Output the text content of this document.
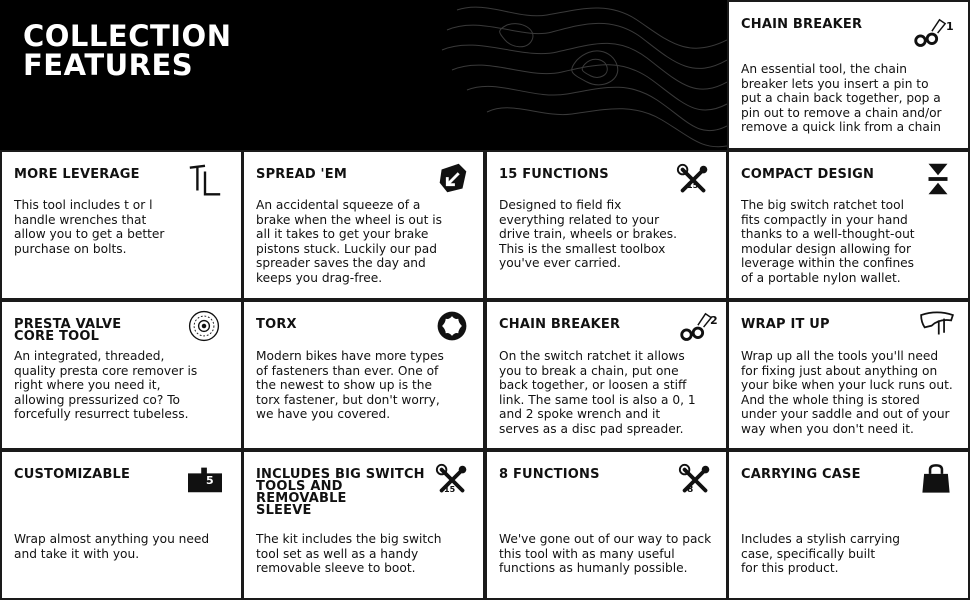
COLLECTION
FEATURES
CHAIN BREAKER	1
An essential tool, the chain
breaker lets you insert a pin to
put a chain back together, pop a
pin out to remove a chain and/or
remove a quick link from a chain
MORE LEVERAGE
This tool includes t or l
handle wrenches that
allow you to get a better
purchase on bolts.
SPREAD 'EM
An accidental squeeze of a
brake when the wheel is out is
all it takes to get your brake
pistons stuck. Luckily our pad
spreader saves the day and
keeps you drag-free.
15 FUNCTIONS
15
Designed to field fix
everything related to your
drive train, wheels or brakes.
This is the smallest toolbox
you've ever carried.
COMPACT DESIGN
The big switch ratchet tool
fits compactly in your hand
thanks to a well-thought-out
modular design allowing for
leverage within the confines
of a portable nylon wallet.
PRESTA VALVE
CORE TOOL
An integrated, threaded,
quality presta core remover is
right where you need it,
allowing pressurized co? To
forcefully resurrect tubeless.
TORX
Modern bikes have more types
of fasteners than ever. One of
the newest to show up is the
torx fastener, but don't worry,
we have you covered.
CHAIN BREAKER	2
On the switch ratchet it allows
you to break a chain, put one
back together, or loosen a stiff
link. The same tool is also a 0, 1
and 2 spoke wrench and it
serves as a disc pad spreader.
WRAP IT UP
Wrap up all the tools you'll need
for fixing just about anything on
your bike when your luck runs out.
And the whole thing is stored
under your saddle and out of your
way when you don't need it.
CUSTOMIZABLE	5
Wrap almost anything you need
and take it with you.
INCLUDES BIG SWITCH
TOOLS AND REMOVABLE
SLEEVE
15
The kit includes the big switch
tool set as well as a handy
removable sleeve to boot.
8 FUNCTIONS
8
We've gone out of our way to pack
this tool with as many useful
functions as humanly possible.
CARRYING CASE
Includes a stylish carrying
case, specifically built
for this product.
